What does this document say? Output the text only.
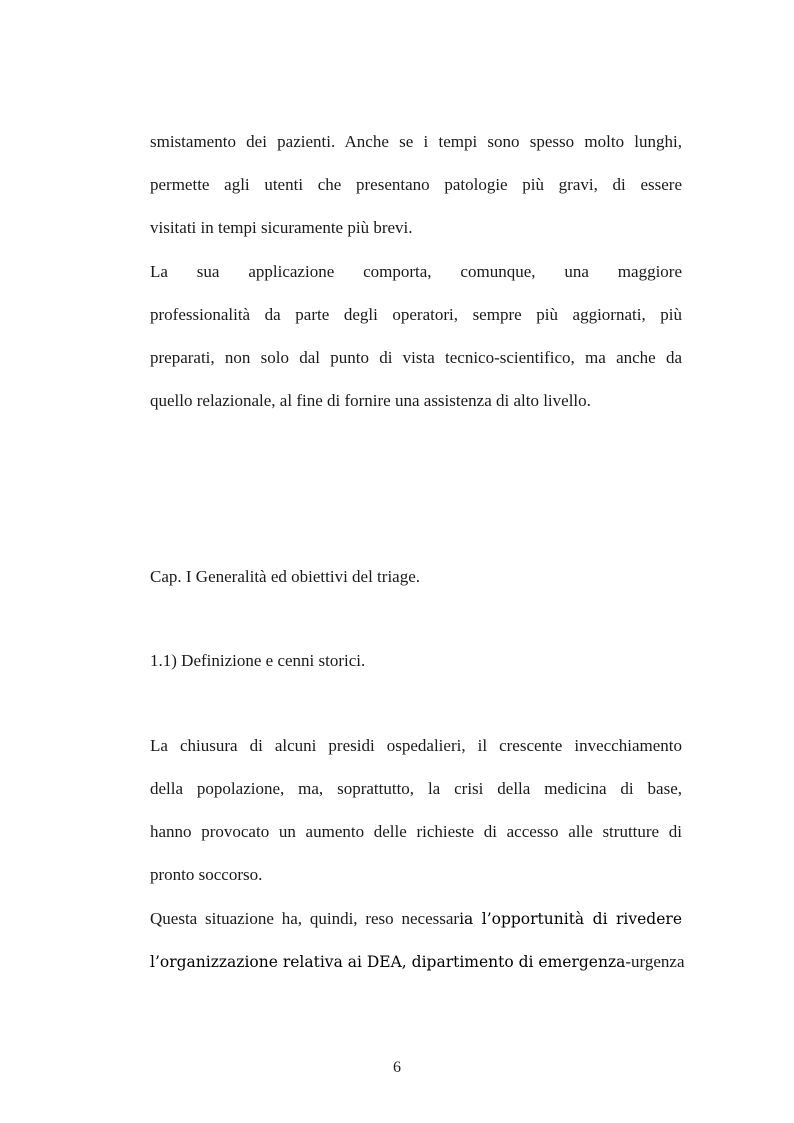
smistamento dei pazienti. Anche se i tempi sono spesso molto lunghi,
permette agli utenti che presentano patologie più gravi, di essere
visitati in tempi sicuramente più brevi.
La sua applicazione comporta, comunque, una maggiore
professionalità da parte degli operatori, sempre più aggiornati, più
preparati, non solo dal punto di vista tecnico-scientifico, ma anche da
quello relazionale, al fine di fornire una assistenza di alto livello.
Cap. I Generalità ed obiettivi del triage.
1.1) Definizione e cenni storici.
La chiusura di alcuni presidi ospedalieri, il crescente invecchiamento
della popolazione, ma, soprattutto, la crisi della medicina di base,
hanno provocato un aumento delle richieste di accesso alle strutture di
pronto soccorso.
Questa situazione ha, quindi, reso necessaria l’opportunità di rivedere
l’organizzazione relativa ai DEA, dipartimento di emergenza-urgenza
6
